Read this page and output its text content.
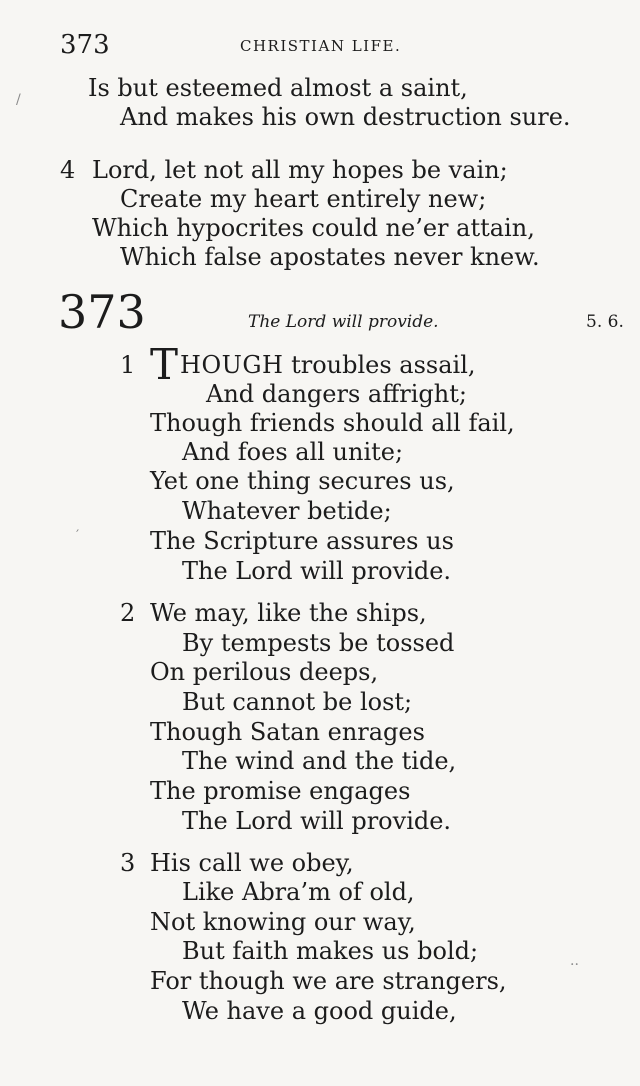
373	CHRISTIAN LIFE.
Is but esteemed almost a saint,
And makes his own destruction sure.
4 Lord, let not all my hopes be vain;
Create my heart entirely new;
Which hypocrites could ne’er attain,
Which false apostates never knew.
373	The Lord will provide.	5. 6.
1 THOUGH troubles assail,
And dangers affright;
Though friends should all fail,
And foes all unite;
Yet one thing secures us,
Whatever betide;
The Scripture assures us
The Lord will provide.
2 We may, like the ships,
By tempests be tossed
On perilous deeps,
But cannot be lost;
Though Satan enrages
The wind and the tide,
The promise engages
The Lord will provide.
3 His call we obey,
Like Abra’m of old,
Not knowing our way,
But faith makes us bold;
For though we are strangers,
We have a good guide,
/
′
..
